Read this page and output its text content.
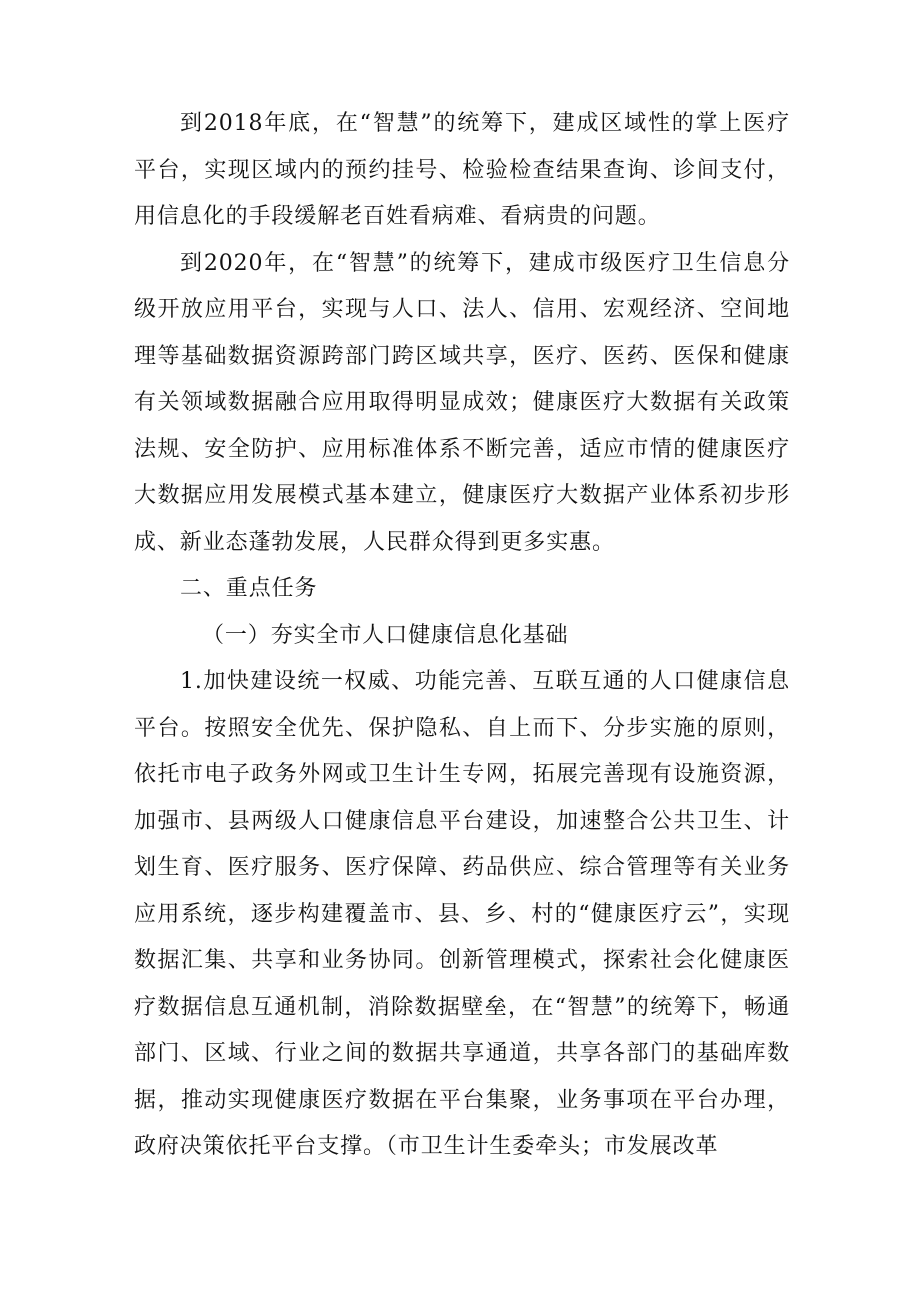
到2018年底，在“智慧”的统筹下，建成区域性的掌上医疗平台，实现区域内的预约挂号、检验检查结果查询、诊间支付，用信息化的手段缓解老百姓看病难、看病贵的问题。

到2020年，在“智慧”的统筹下，建成市级医疗卫生信息分级开放应用平台，实现与人口、法人、信用、宏观经济、空间地理等基础数据资源跨部门跨区域共享，医疗、医药、医保和健康有关领域数据融合应用取得明显成效；健康医疗大数据有关政策法规、安全防护、应用标准体系不断完善，适应市情的健康医疗大数据应用发展模式基本建立，健康医疗大数据产业体系初步形成、新业态蓬勃发展，人民群众得到更多实惠。

二、重点任务

（一）夯实全市人口健康信息化基础

1.加快建设统一权威、功能完善、互联互通的人口健康信息平台。按照安全优先、保护隐私、自上而下、分步实施的原则，依托市电子政务外网或卫生计生专网，拓展完善现有设施资源，加强市、县两级人口健康信息平台建设，加速整合公共卫生、计划生育、医疗服务、医疗保障、药品供应、综合管理等有关业务应用系统，逐步构建覆盖市、县、乡、村的“健康医疗云”，实现数据汇集、共享和业务协同。创新管理模式，探索社会化健康医疗数据信息互通机制，消除数据壁垒，在“智慧”的统筹下，畅通部门、区域、行业之间的数据共享通道，共享各部门的基础库数据，推动实现健康医疗数据在平台集聚，业务事项在平台办理，政府决策依托平台支撑。（市卫生计生委牵头；市发展改革
